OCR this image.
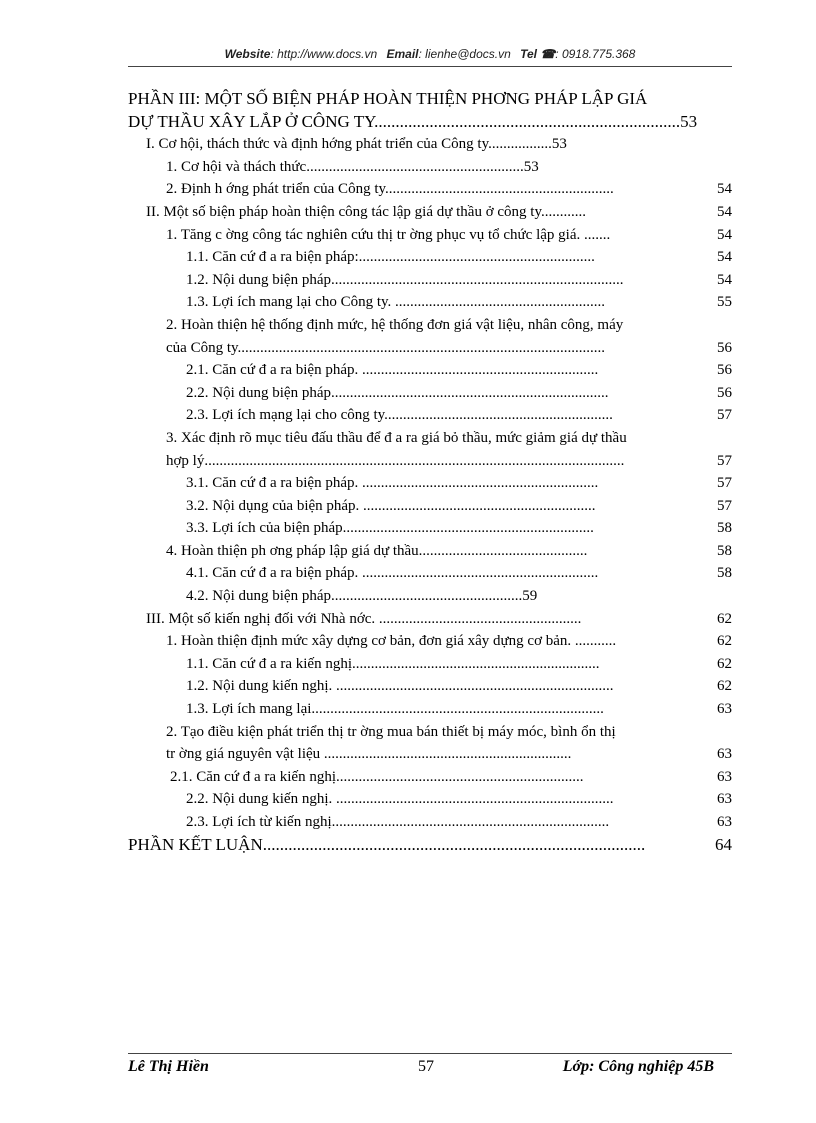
Website: http://www.docs.vn Email: lienhe@docs.vn Tel ☎: 0918.775.368
PHẦN III: MỘT SỐ BIỆN PHÁP HOÀN THIỆN PHƠNG PHÁP LẬP GIÁ
DỰ THẦU XÂY LẮP Ở CÔNG TY........................................................................53
I. Cơ hội, thách thức và định hớng phát triển của Công ty.................53
1. Cơ hội và thách thức..........................................................53
2. Định h ớng phát triển của Công ty.............................................................	54
II. Một số biện pháp hoàn thiện công tác lập giá dự thầu ở công ty............	54
1. Tăng c ờng công tác nghiên cứu thị tr ờng phục vụ tổ chức lập giá. .......	54
1.1. Căn cứ đ a ra biện pháp:...............................................................	54
1.2. Nội dung biện pháp..............................................................................	54
1.3. Lợi ích mang lại cho Công ty. ........................................................	55
2. Hoàn thiện hệ thống định mức, hệ thống đơn giá vật liệu, nhân công, máy
của Công ty..................................................................................................	56
2.1. Căn cứ đ a ra biện pháp. ...............................................................	56
2.2. Nội dung biện pháp..........................................................................	56
2.3. Lợi ích mạng lại cho công ty.............................................................	57
3. Xác định rõ mục tiêu đấu thầu để đ a ra giá bỏ thầu, mức giảm giá dự thầu
hợp lý................................................................................................................	57
3.1. Căn cứ đ a ra biện pháp. ...............................................................	57
3.2. Nội dụng của biện pháp. ..............................................................	57
3.3. Lợi ích của biện pháp...................................................................	58
4. Hoàn thiện ph ơng pháp lập giá dự thầu.............................................	58
4.1. Căn cứ đ a ra biện pháp. ...............................................................	58
4.2. Nội dung biện pháp...................................................59
III. Một số kiến nghị đối với Nhà nớc. ......................................................	62
1. Hoàn thiện định mức xây dựng cơ bản, đơn giá xây dựng cơ bản. ...........	62
1.1. Căn cứ đ a ra kiến nghị..................................................................	62
1.2. Nội dung kiến nghị. ..........................................................................	62
1.3. Lợi ích mang lại..............................................................................	63
2. Tạo điều kiện phát triển thị tr ờng mua bán thiết bị máy móc, bình ổn thị
tr ờng giá nguyên vật liệu ..................................................................	63
2.1. Căn cứ đ a ra kiến nghị..................................................................	63
2.2. Nội dung kiến nghị. ..........................................................................	63
2.3. Lợi ích từ kiến nghị..........................................................................	63
PHẦN KẾT LUẬN..........................................................................................	64
Lê Thị Hiền	57	Lớp: Công nghiệp 45B
